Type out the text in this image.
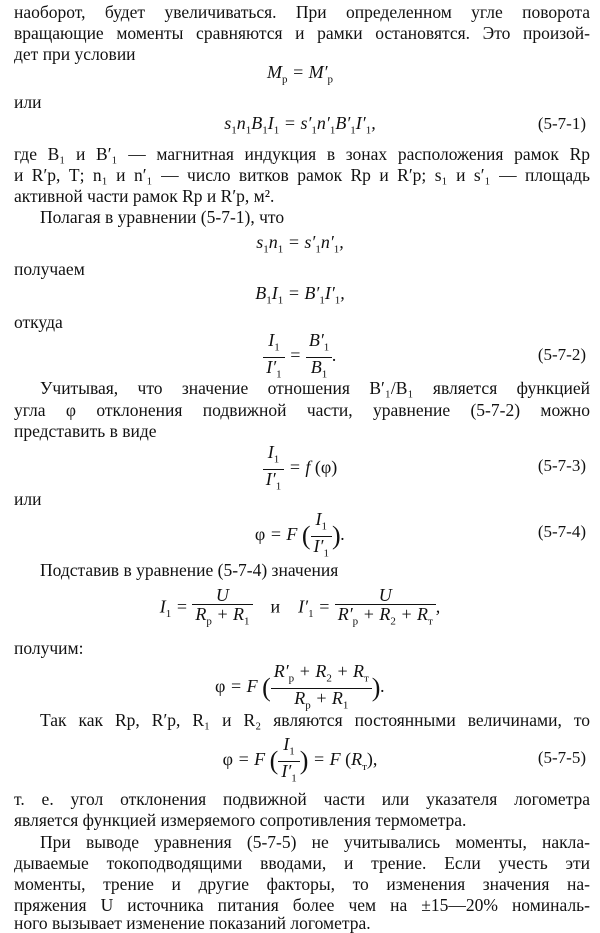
наоборот, будет увеличиваться. При определенном угле поворота
вращающие моменты сравняются и рамки остановятся. Это произой-
дет при условии
$M_р = M'_р$
или
$s_1n_1B_1I_1 = s'_1n'_1B'_1I'_1$,	(5-7-1)
где B₁ и B′₁ — магнитная индукция в зонах расположения рамок Rр
и R′р, Т; n₁ и n′₁ — число витков рамок Rр и R′р; s₁ и s′₁ — площадь
активной части рамок Rр и R′р, м².
Полагая в уравнении (5-7-1), что
$s_1n_1 = s'_1n'_1$,
получаем
$B_1I_1 = B'_1I'_1$,
откуда
$\frac{I_1}{I'_1} = \frac{B'_1}{B_1}$ .	(5-7-2)
Учитывая, что значение отношения B′₁/B₁ является функцией
угла φ отклонения подвижной части, уравнение (5-7-2) можно
представить в виде
$\frac{I_1}{I'_1} = f$ (φ)	(5-7-3)
или
φ = F ( $\frac{I_1}{I'_1}$ ).	(5-7-4)
Подставив в уравнение (5-7-4) значения
$I_1 = \frac{U}{R_р + R_1}$ и $I'_1 = \frac{U}{R'_р + R_2 + R_т}$ ,
получим:
φ = F ( $\frac{R'_р + R_2 + R_т}{R_р + R_1}$ ).
Так как Rр, R′р, R₁ и R₂ являются постоянными величинами, то
φ = F ( $\frac{I_1}{I'_1}$ ) = F $(R_т)$,	(5-7-5)
т. е. угол отклонения подвижной части или указателя логометра
является функцией измеряемого сопротивления термометра.
При выводе уравнения (5-7-5) не учитывались моменты, накла-
дываемые токоподводящими вводами, и трение. Если учесть эти
моменты, трение и другие факторы, то изменения значения на-
пряжения U источника питания более чем на ±15—20% номиналь-
ного вызывает изменение показаний логометра.
